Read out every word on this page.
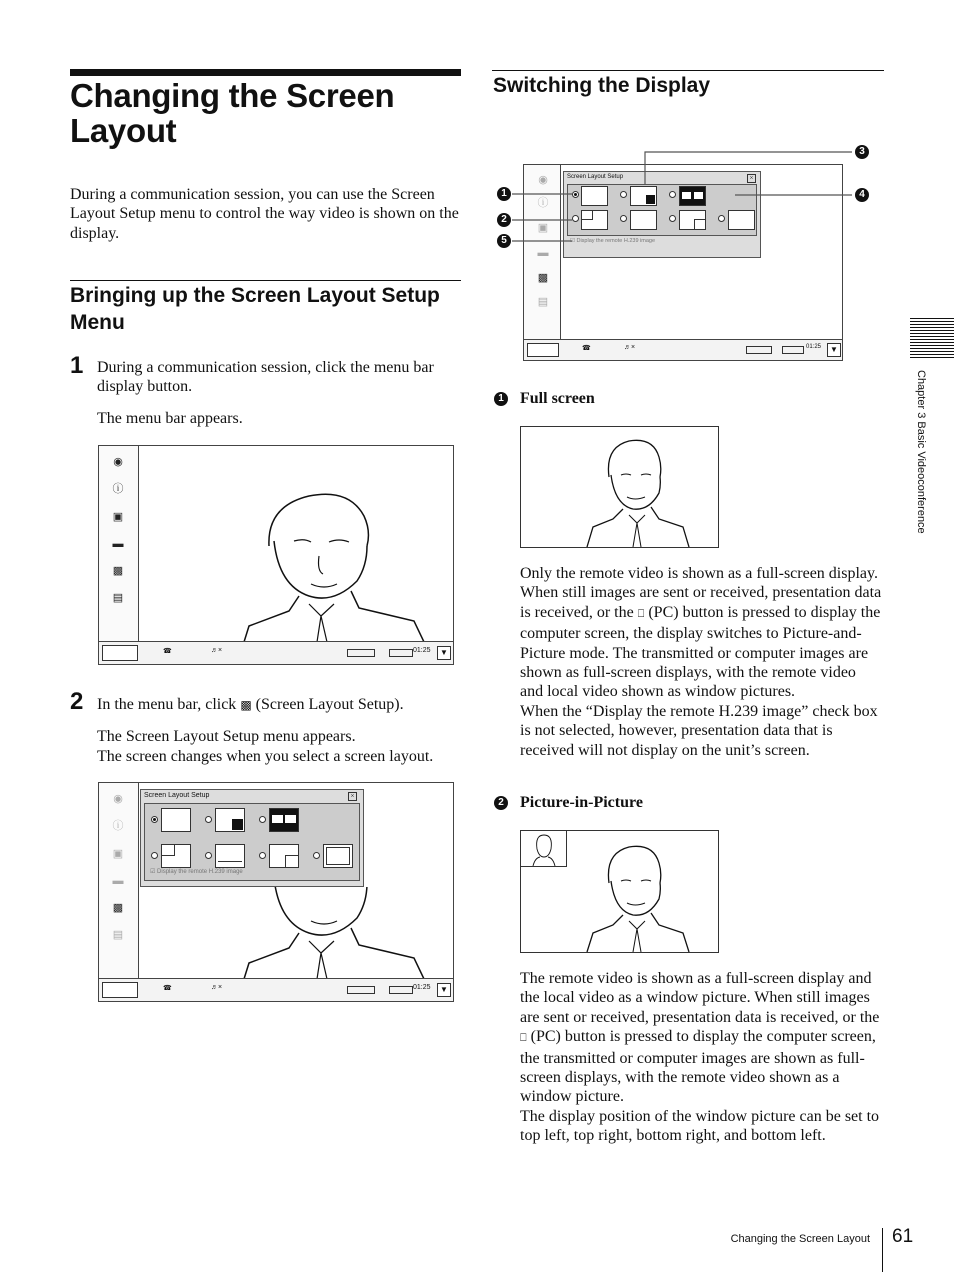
Changing the Screen Layout

During a communication session, you can use the Screen Layout Setup menu to control the way video is shown on the display.

Bringing up the Screen Layout Setup Menu
1 During a communication session, click the menu bar display button.

The menu bar appears.

◉
ⓘ
▣
▬
▩
▤
☎	♬×	01:25	▼
2 In the menu bar, click ▩ (Screen Layout Setup).

The Screen Layout Setup menu appears.

The screen changes when you select a screen layout.

◉
ⓘ
▣
▬
▩
▤
Screen Layout Setup	×
☑ Display the remote H.239 image
☎	♬×	01:25	▼
Switching the Display
◉
ⓘ
▣
▬
▩
▤
Screen Layout Setup	×
☑ Display the remote H.239 image
☎	♬×	01:25	▼
1
2
3
4
5
1 Full screen

Only the remote video is shown as a full-screen display. When still images are sent or received, presentation data is received, or the ⎕ (PC) button is pressed to display the computer screen, the display switches to Picture-and-Picture mode. The transmitted or computer images are shown as full-screen displays, with the remote video and local video shown as window pictures.
When the “Display the remote H.239 image” check box is not selected, however, presentation data that is received will not display on the unit’s screen.

2 Picture-in-Picture

The remote video is shown as a full-screen display and the local video as a window picture. When still images are sent or received, presentation data is received, or the ⎕ (PC) button is pressed to display the computer screen, the transmitted or computer images are shown as full-screen displays, with the remote video shown as a window picture.
The display position of the window picture can be set to top left, top right, bottom right, and bottom left.

Chapter 3 Basic Videoconference
Changing the Screen Layout 61
